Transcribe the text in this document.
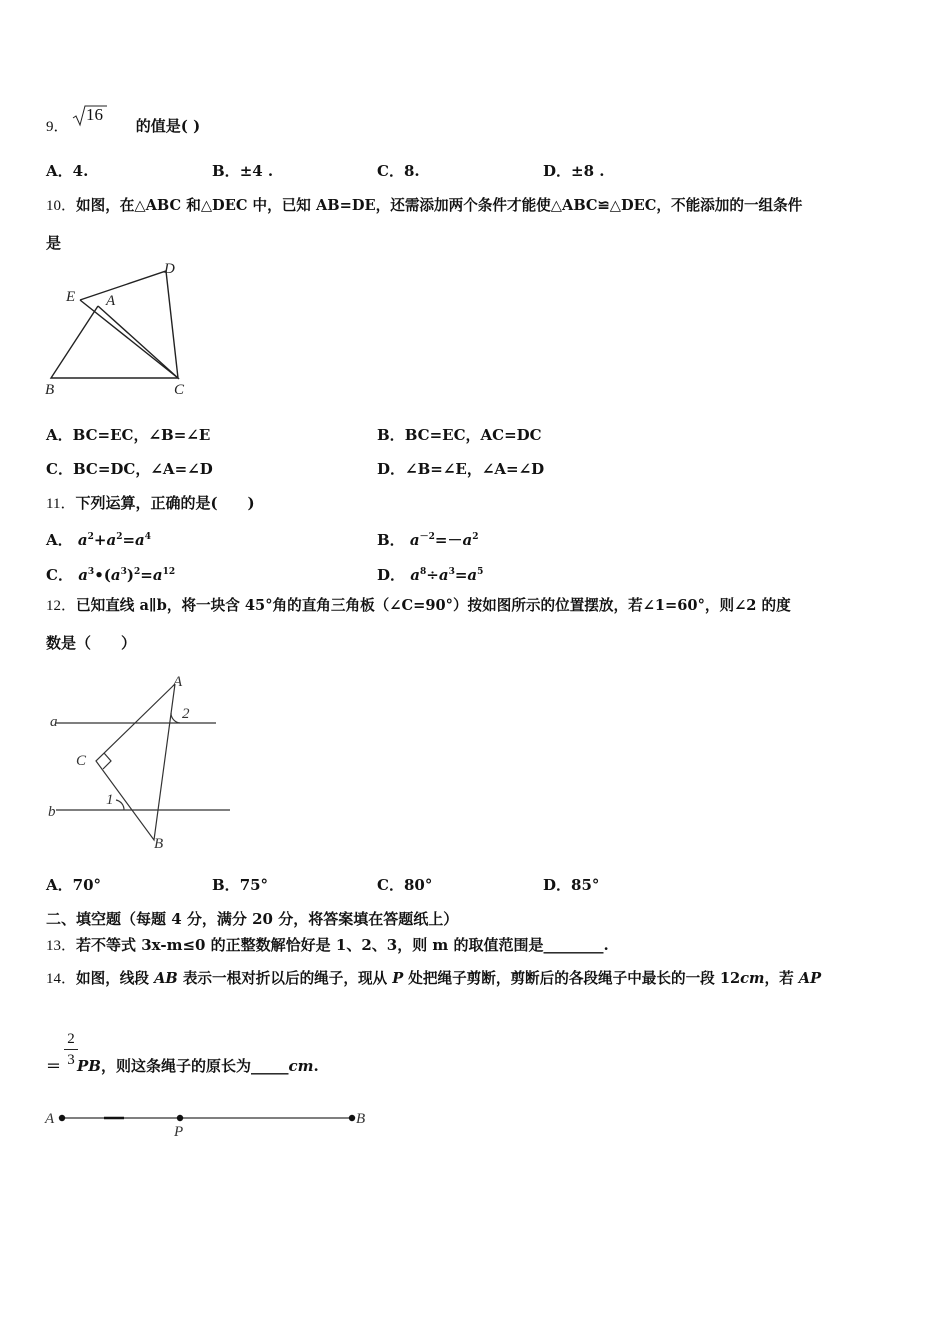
9．	的值是( )
16
A．4.	B．±4 .	C．8.	D．±8 .
10．如图，在△ABC 和△DEC 中，已知 AB=DE，还需添加两个条件才能使△ABC≌△DEC，不能添加的一组条件
是
D
E A
B	C
A．BC=EC，∠B=∠E	B．BC=EC，AC=DC
C．BC=DC，∠A=∠D	D．∠B=∠E，∠A=∠D
11．下列运算，正确的是(　　)
A． $a^2+a^2=a^4$	B． $a^{-2}=-a^2$
C． $a^3•(a^3)^2=a^{12}$	D． $a^8\div a^3=a^5$
12．已知直线 a∥b，将一块含 45°角的直角三角板（∠C=90°）按如图所示的位置摆放，若∠1=60°，则∠2 的度
数是（　　）
A
a	2
C
b
1
B
A．70°	B．75°	C．80°	D．85°
二、填空题（每题 4 分，满分 20 分，将答案填在答题纸上）
13．若不等式 3x-m≤0 的正整数解恰好是 1、2、3，则 m 的取值范围是________.
14．如图，线段 AB 表示一根对折以后的绳子，现从 P 处把绳子剪断，剪断后的各段绳子中最长的一段 12cm，若 AP
＝ PB，则这条绳子的原长为_____cm.
2
3
A
P
B
